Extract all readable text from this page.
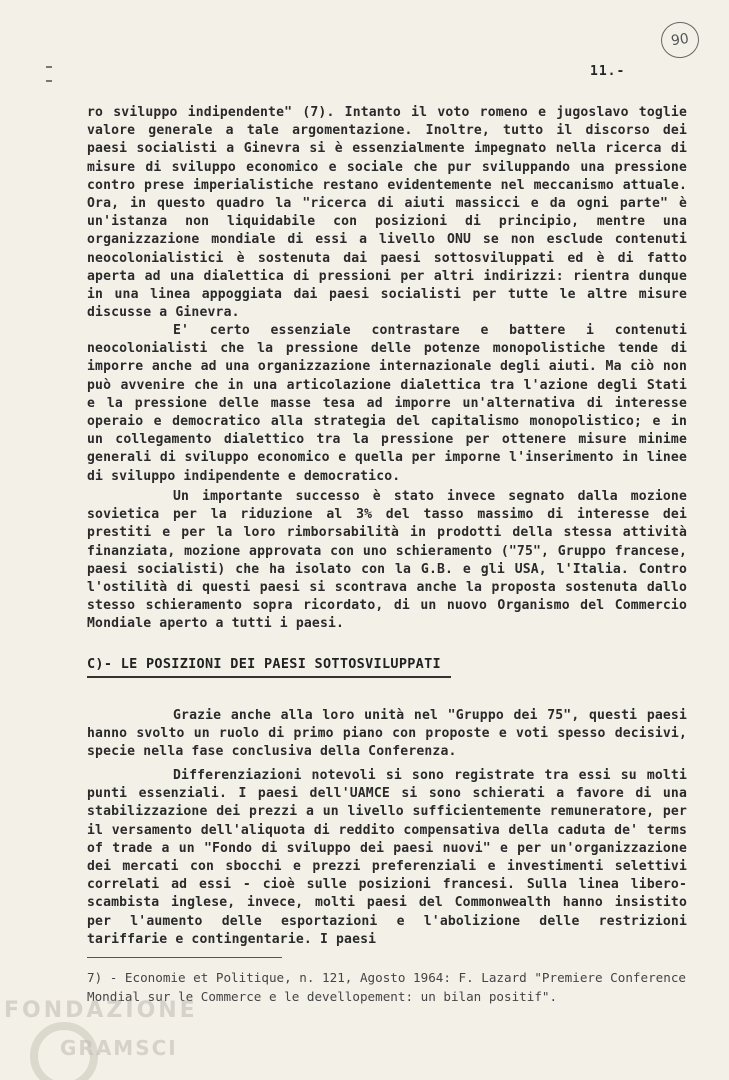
90
11.-

ro sviluppo indipendente" (7). Intanto il voto romeno e jugoslavo toglie valore generale a tale argomentazione. Inoltre, tutto il discorso dei paesi socialisti a Ginevra si è essenzialmente impegnato nella ricerca di misure di sviluppo economico e sociale che pur sviluppando una pressione contro prese imperialistiche restano evidentemente nel meccanismo attuale. Ora, in questo quadro la "ricerca di aiuti massicci e da ogni parte" è un'istanza non liquidabile con posizioni di principio, mentre una organizzazione mondiale di essi a livello ONU se non esclude contenuti neocolonialistici è sostenuta dai paesi sottosviluppati ed è di fatto aperta ad una dialettica di pressioni per altri indirizzi: rientra dunque in una linea appoggiata dai paesi socialisti per tutte le altre misure discusse a Ginevra.

E' certo essenziale contrastare e battere i contenuti neocolonialisti che la pressione delle potenze monopolistiche tende di imporre anche ad una organizzazione internazionale degli aiuti. Ma ciò non può avvenire che in una articolazione dialettica tra l'azione degli Stati e la pressione delle masse tesa ad imporre un'alternativa di interesse operaio e democratico alla strategia del capitalismo monopolistico; e in un collegamento dialettico tra la pressione per ottenere misure minime generali di sviluppo economico e quella per imporne l'inserimento in linee di sviluppo indipendente e democratico.

Un importante successo è stato invece segnato dalla mozione sovietica per la riduzione al 3% del tasso massimo di interesse dei prestiti e per la loro rimborsabilità in prodotti della stessa attività finanziata, mozione approvata con uno schieramento ("75", Gruppo francese, paesi socialisti) che ha isolato con la G.B. e gli USA, l'Italia. Contro l'ostilità di questi paesi si scontrava anche la proposta sostenuta dallo stesso schieramento sopra ricordato, di un nuovo Organismo del Commercio Mondiale aperto a tutti i paesi.

C)- LE POSIZIONI DEI PAESI SOTTOSVILUPPATI

Grazie anche alla loro unità nel "Gruppo dei 75", questi paesi hanno svolto un ruolo di primo piano con proposte e voti spesso decisivi, specie nella fase conclusiva della Conferenza.

Differenziazioni notevoli si sono registrate tra essi su molti punti essenziali. I paesi dell'UAMCE si sono schierati a favore di una stabilizzazione dei prezzi a un livello sufficientemente remuneratore, per il versamento dell'aliquota di reddito compensativa della caduta de' terms of trade a un "Fondo di sviluppo dei paesi nuovi" e per un'organizzazione dei mercati con sbocchi e prezzi preferenziali e investimenti selettivi correlati ad essi - cioè sulle posizioni francesi. Sulla linea libero-scambista inglese, invece, molti paesi del Commonwealth hanno insistito per l'aumento delle esportazioni e l'abolizione delle restrizioni tariffarie e contingentarie. I paesi

7) - Economie et Politique, n. 121, Agosto 1964: F. Lazard "Premiere Conference Mondial sur le Commerce e le devellopement: un bilan positif".

FONDAZIONE
GRAMSCI
